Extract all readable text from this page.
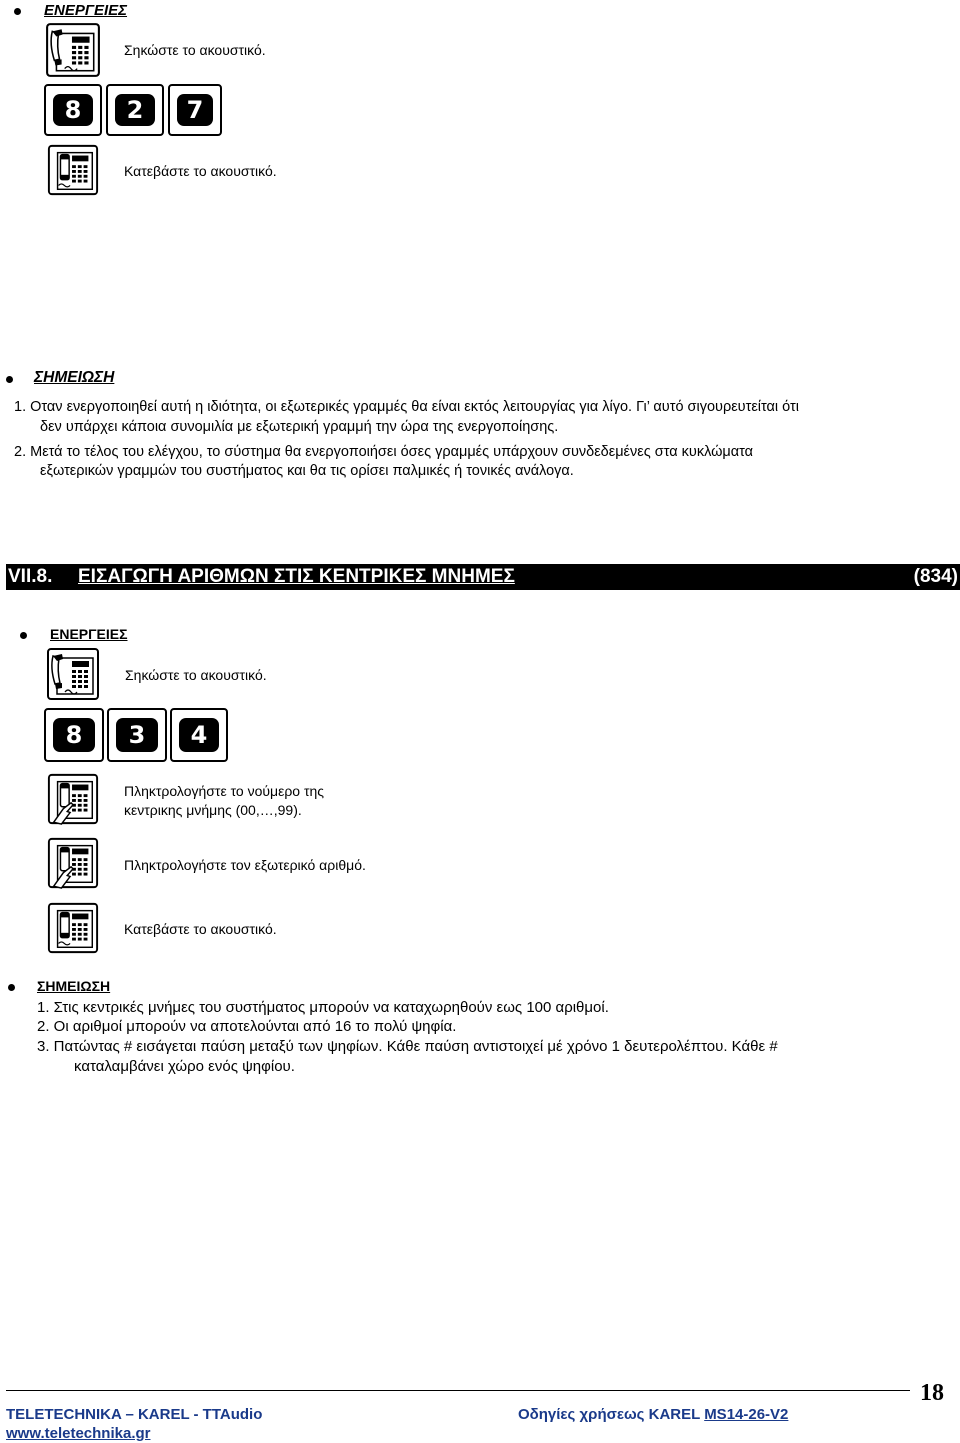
ΕΝΕΡΓΕΙΕΣ
Σηκώστε το ακουστικό.
8	2	7
Κατεβάστε το ακουστικό.
ΣΗΜΕΙΩΣΗ
1. Οταν ενεργοποιηθεί αυτή η ιδιότητα, οι εξωτερικές γραμμές θα είναι εκτός λειτουργίας για λίγο. Γι’ αυτό σιγουρευτείται ότι
δεν υπάρχει κάποια συνομιλία με εξωτερική γραμμή την ώρα της ενεργοποίησης.
2. Μετά το τέλος του ελέγχου, το σύστημα θα ενεργοποιήσει όσες γραμμές υπάρχουν συνδεδεμένες στα κυκλώματα
εξωτερικών γραμμών του συστήματος και θα τις ορίσει παλμικές ή τονικές ανάλογα.
VII.8. ΕΙΣΑΓΩΓΗ ΑΡΙΘΜΩΝ ΣΤΙΣ ΚΕΝΤΡΙΚΕΣ ΜΝΗΜΕΣ	(834)
ΕΝΕΡΓΕΙΕΣ
Σηκώστε το ακουστικό.
8	3	4
Πληκτρολογήστε το νούμερο της
κεντρικης μνήμης (00,…,99).
Πληκτρολογήστε τον εξωτερικό αριθμό.
Κατεβάστε το ακουστικό.
ΣΗΜΕΙΩΣΗ
1. Στις κεντρικές μνήμες του συστήματος μπορούν να καταχωρηθούν εως 100 αριθμοί.
2. Οι αριθμοί μπορούν να αποτελούνται από 16 το πολύ ψηφία.
3. Πατώντας # εισάγεται παύση μεταξύ των ψηφίων. Κάθε παύση αντιστοιχεί μέ χρόνο 1 δευτερολέπτου. Κάθε #
καταλαμβάνει χώρο ενός ψηφίου.
18
TELETECHNIKA – KAREL - TTAudio
www.teletechnika.gr
Οδηγίες χρήσεως KAREL MS14-26-V2
